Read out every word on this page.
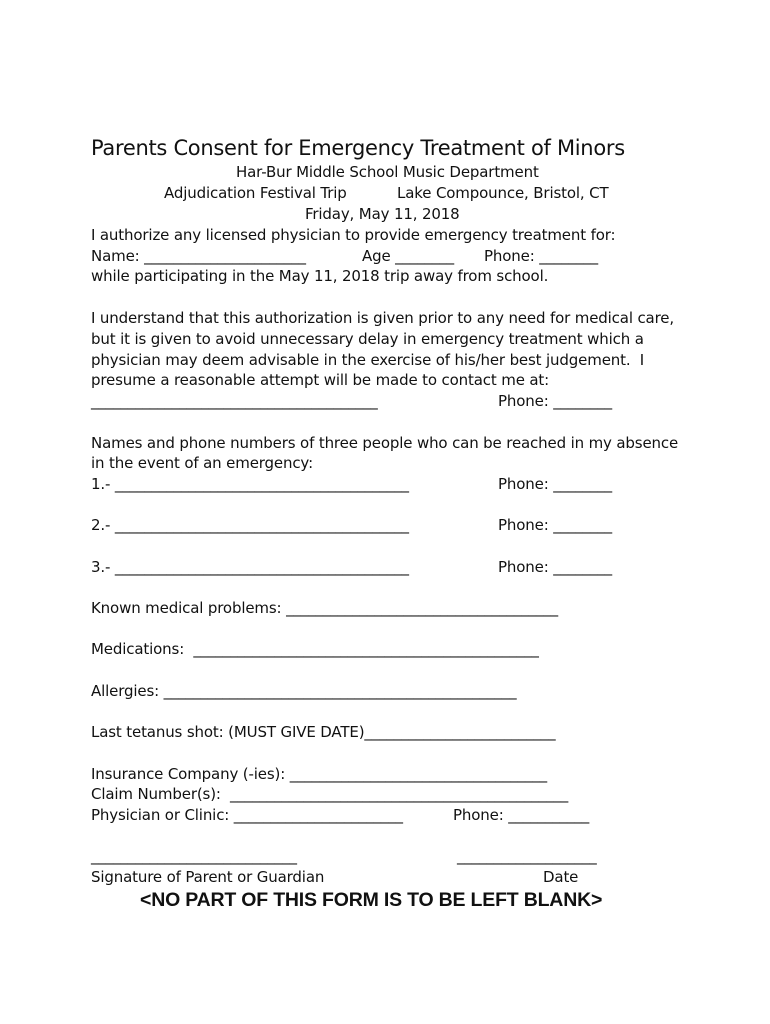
Parents Consent for Emergency Treatment of Minors
Har-Bur Middle School Music Department
Adjudication Festival Trip	Lake Compounce, Bristol, CT
Friday, May 11, 2018
I authorize any licensed physician to provide emergency treatment for:
Name: ______________________	Age ________ Phone: ________
while participating in the May 11, 2018 trip away from school.
I understand that this authorization is given prior to any need for medical care,
but it is given to avoid unnecessary delay in emergency treatment which a
physician may deem advisable in the exercise of his/her best judgement.  I
presume a reasonable attempt will be made to contact me at:
_______________________________________	Phone: ________
Names and phone numbers of three people who can be reached in my absence
in the event of an emergency:
1.- ________________________________________	Phone: ________
2.- ________________________________________	Phone: ________
3.- ________________________________________	Phone: ________
Known medical problems: _____________________________________
Medications:  _______________________________________________
Allergies: ________________________________________________
Last tetanus shot: (MUST GIVE DATE)__________________________
Insurance Company (-ies): ___________________________________
Claim Number(s):  ______________________________________________
Physician or Clinic: _______________________	Phone: ___________
____________________________	___________________
Signature of Parent or Guardian	Date
<NO PART OF THIS FORM IS TO BE LEFT BLANK>
